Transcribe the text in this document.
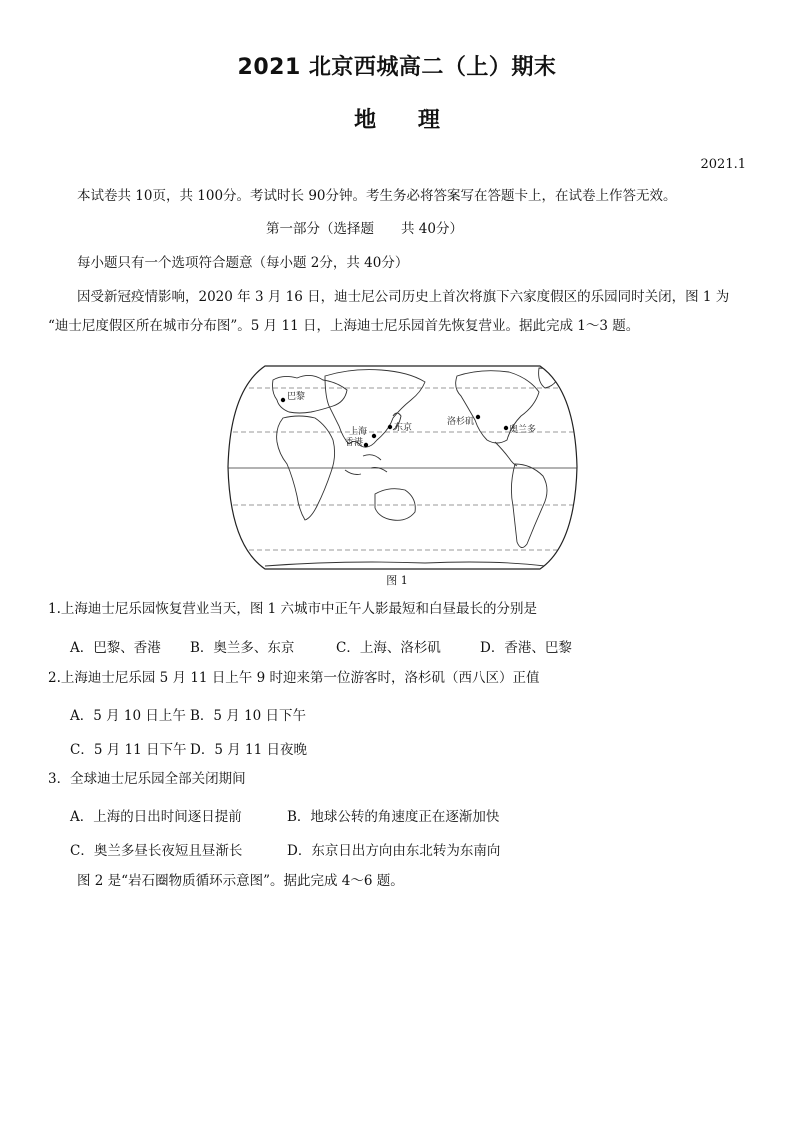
2021 北京西城高二（上）期末
地 理
2021.1
本试卷共 10页，共 100分。考试时长 90分钟。考生务必将答案写在答题卡上，在试卷上作答无效。
第一部分（选择题　　共 40分）
每小题只有一个选项符合题意（每小题 2分，共 40分）
因受新冠疫情影响，2020 年 3 月 16 日，迪士尼公司历史上首次将旗下六家度假区的乐园同时关闭，图 1 为
“迪士尼度假区所在城市分布图”。5 月 11 日，上海迪士尼乐园首先恢复营业。据此完成 1～3 题。
巴黎
上海
香港
东京
洛杉矶
奥兰多
图 1
1.上海迪士尼乐园恢复营业当天，图 1 六城市中正午人影最短和白昼最长的分别是
A．巴黎、香港 B．奥兰多、东京	C．上海、洛杉矶	D．香港、巴黎
2.上海迪士尼乐园 5 月 11 日上午 9 时迎来第一位游客时，洛杉矶（西八区）正值
A．5 月 10 日上午 B．5 月 10 日下午
C．5 月 11 日下午 D．5 月 11 日夜晚
3．全球迪士尼乐园全部关闭期间
A．上海的日出时间逐日提前	B．地球公转的角速度正在逐渐加快
C．奥兰多昼长夜短且昼渐长	D．东京日出方向由东北转为东南向
图 2 是“岩石圈物质循环示意图”。据此完成 4～6 题。
